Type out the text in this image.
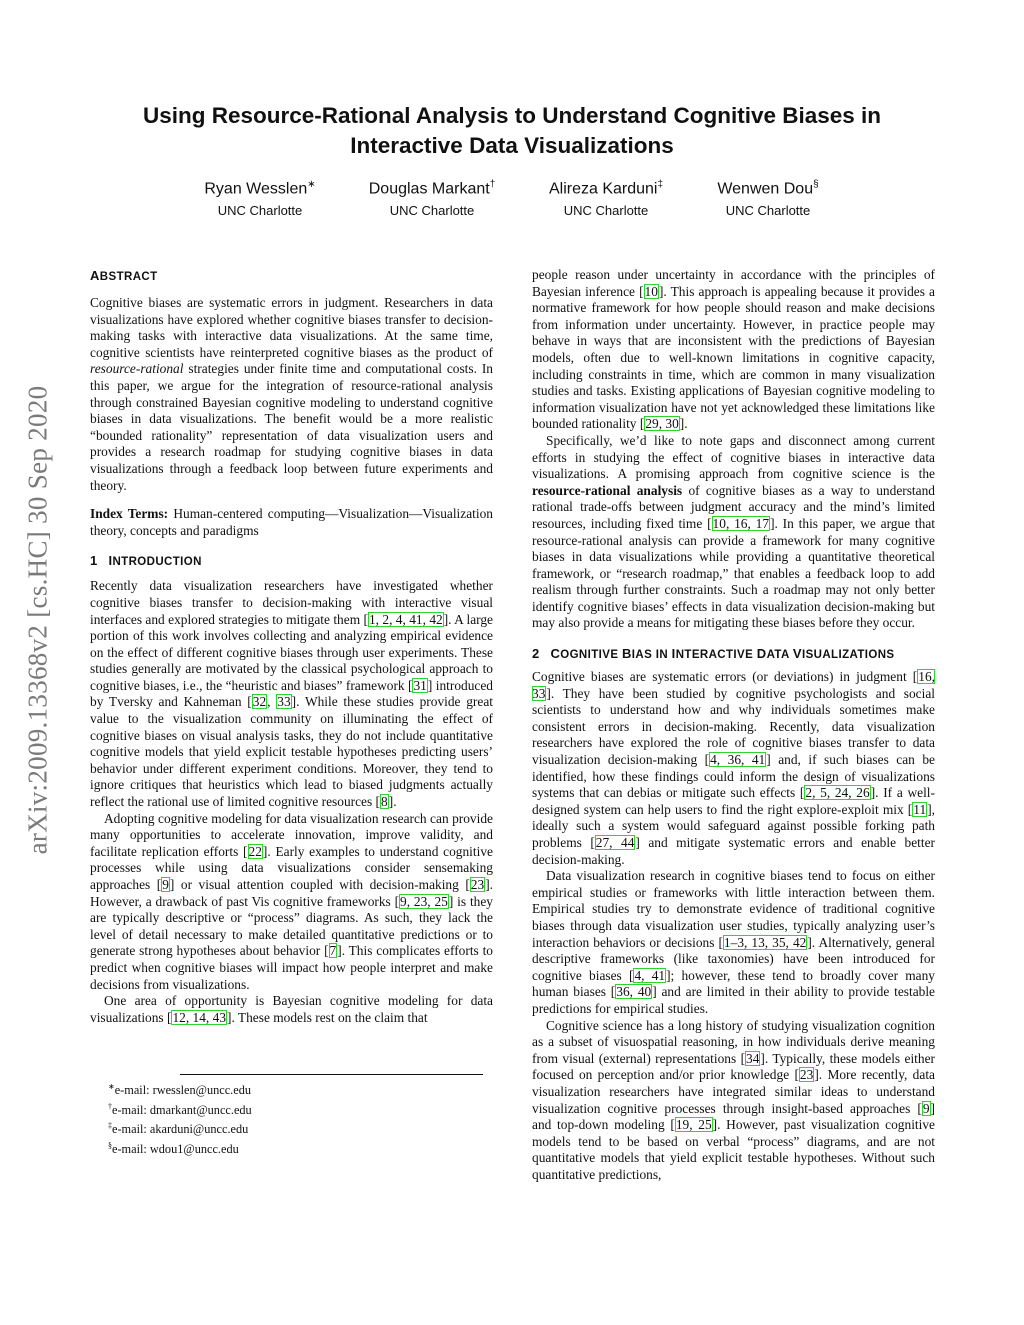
arXiv:2009.13368v2 [cs.HC] 30 Sep 2020
Using Resource-Rational Analysis to Understand Cognitive Biases in
Interactive Data Visualizations
Ryan Wesslen∗
UNC Charlotte
Douglas Markant†
UNC Charlotte
Alireza Karduni‡
UNC Charlotte
Wenwen Dou§
UNC Charlotte
ABSTRACT

Cognitive biases are systematic errors in judgment. Researchers in data visualizations have explored whether cognitive biases transfer to decision-making tasks with interactive data visualizations. At the same time, cognitive scientists have reinterpreted cognitive biases as the product of resource-rational strategies under finite time and computational costs. In this paper, we argue for the integration of resource-rational analysis through constrained Bayesian cognitive modeling to understand cognitive biases in data visualizations. The benefit would be a more realistic “bounded rationality” representation of data visualization users and provides a research roadmap for studying cognitive biases in data visualizations through a feedback loop between future experiments and theory.

Index Terms: Human-centered computing—Visualization—Visualization theory, concepts and paradigms

1 INTRODUCTION

Recently data visualization researchers have investigated whether cognitive biases transfer to decision-making with interactive visual interfaces and explored strategies to mitigate them [1, 2, 4, 41, 42]. A large portion of this work involves collecting and analyzing empirical evidence on the effect of different cognitive biases through user experiments. These studies generally are motivated by the classical psychological approach to cognitive biases, i.e., the “heuristic and biases” framework [31] introduced by Tversky and Kahneman [32, 33]. While these studies provide great value to the visualization community on illuminating the effect of cognitive biases on visual analysis tasks, they do not include quantitative cognitive models that yield explicit testable hypotheses predicting users’ behavior under different experiment conditions. Moreover, they tend to ignore critiques that heuristics which lead to biased judgments actually reflect the rational use of limited cognitive resources [8].

Adopting cognitive modeling for data visualization research can provide many opportunities to accelerate innovation, improve validity, and facilitate replication efforts [22]. Early examples to understand cognitive processes while using data visualizations consider sensemaking approaches [9] or visual attention coupled with decision-making [23]. However, a drawback of past Vis cognitive frameworks [9, 23, 25] is they are typically descriptive or “process” diagrams. As such, they lack the level of detail necessary to make detailed quantitative predictions or to generate strong hypotheses about behavior [7]. This complicates efforts to predict when cognitive biases will impact how people interpret and make decisions from visualizations.

One area of opportunity is Bayesian cognitive modeling for data visualizations [12, 14, 43]. These models rest on the claim that

∗e-mail: rwesslen@uncc.edu
†e-mail: dmarkant@uncc.edu
‡e-mail: akarduni@uncc.edu
§e-mail: wdou1@uncc.edu

people reason under uncertainty in accordance with the principles of Bayesian inference [10]. This approach is appealing because it provides a normative framework for how people should reason and make decisions from information under uncertainty. However, in practice people may behave in ways that are inconsistent with the predictions of Bayesian models, often due to well-known limitations in cognitive capacity, including constraints in time, which are common in many visualization studies and tasks. Existing applications of Bayesian cognitive modeling to information visualization have not yet acknowledged these limitations like bounded rationality [29, 30].

Specifically, we’d like to note gaps and disconnect among current efforts in studying the effect of cognitive biases in interactive data visualizations. A promising approach from cognitive science is the resource-rational analysis of cognitive biases as a way to understand rational trade-offs between judgment accuracy and the mind’s limited resources, including fixed time [10, 16, 17]. In this paper, we argue that resource-rational analysis can provide a framework for many cognitive biases in data visualizations while providing a quantitative theoretical framework, or “research roadmap,” that enables a feedback loop to add realism through further constraints. Such a roadmap may not only better identify cognitive biases’ effects in data visualization decision-making but may also provide a means for mitigating these biases before they occur.

2 COGNITIVE BIAS IN INTERACTIVE DATA VISUALIZATIONS

Cognitive biases are systematic errors (or deviations) in judgment [16, 33]. They have been studied by cognitive psychologists and social scientists to understand how and why individuals sometimes make consistent errors in decision-making. Recently, data visualization researchers have explored the role of cognitive biases transfer to data visualization decision-making [4, 36, 41] and, if such biases can be identified, how these findings could inform the design of visualizations systems that can debias or mitigate such effects [2, 5, 24, 26]. If a well-designed system can help users to find the right explore-exploit mix [11], ideally such a system would safeguard against possible forking path problems [27, 44] and mitigate systematic errors and enable better decision-making.

Data visualization research in cognitive biases tend to focus on either empirical studies or frameworks with little interaction between them. Empirical studies try to demonstrate evidence of traditional cognitive biases through data visualization user studies, typically analyzing user’s interaction behaviors or decisions [1–3, 13, 35, 42]. Alternatively, general descriptive frameworks (like taxonomies) have been introduced for cognitive biases [4, 41]; however, these tend to broadly cover many human biases [36, 40] and are limited in their ability to provide testable predictions for empirical studies.

Cognitive science has a long history of studying visualization cognition as a subset of visuospatial reasoning, in how individuals derive meaning from visual (external) representations [34]. Typically, these models either focused on perception and/or prior knowledge [23]. More recently, data visualization researchers have integrated similar ideas to understand visualization cognitive processes through insight-based approaches [9] and top-down modeling [19, 25]. However, past visualization cognitive models tend to be based on verbal “process” diagrams, and are not quantitative models that yield explicit testable hypotheses. Without such quantitative predictions,
